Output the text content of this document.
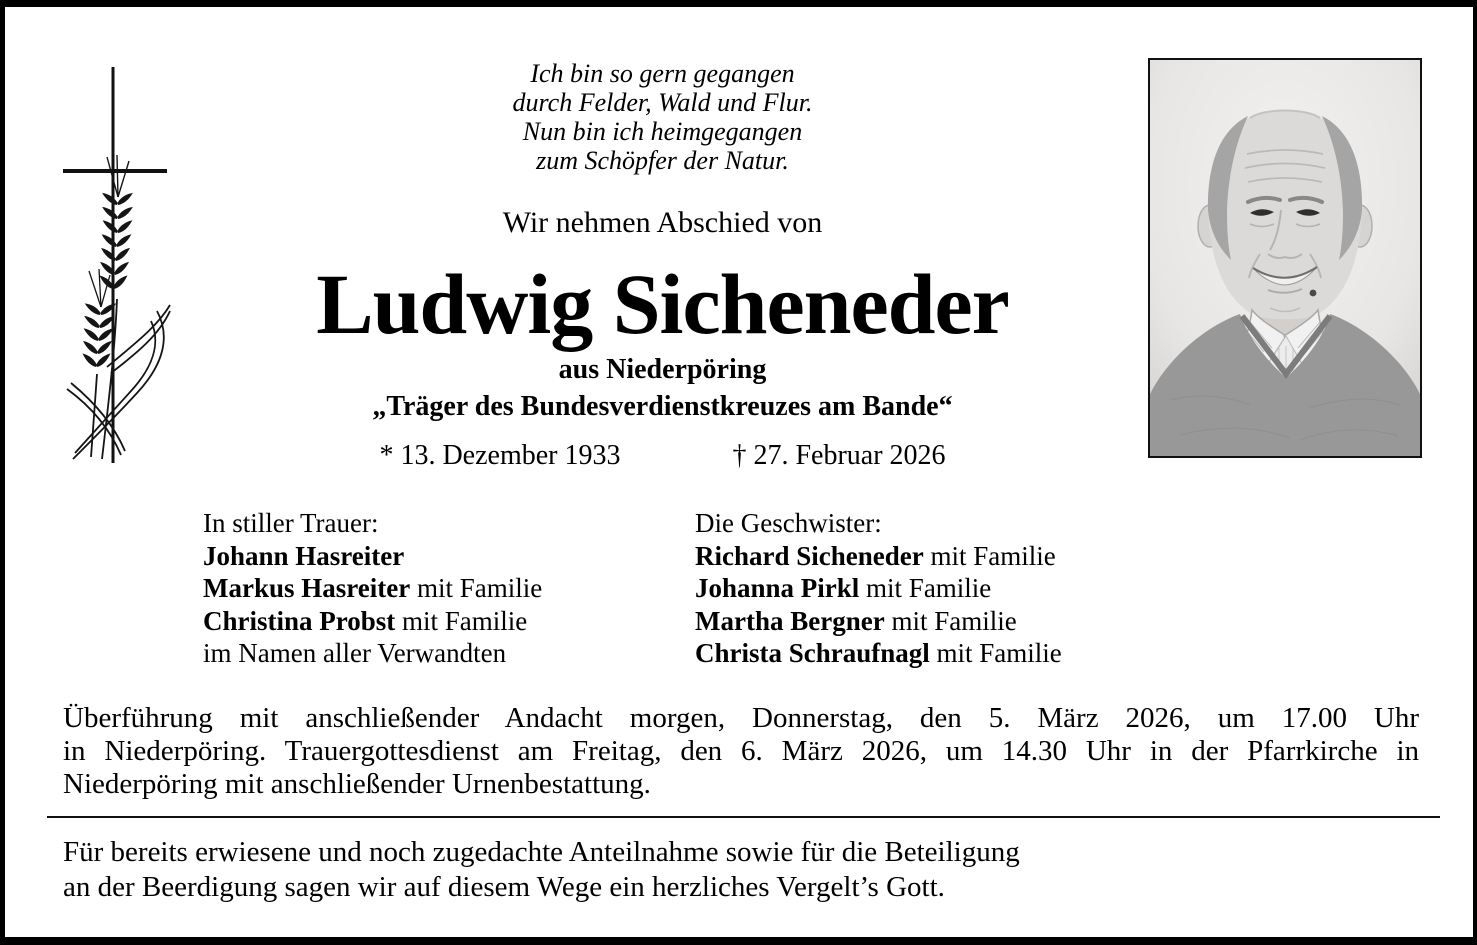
Ich bin so gern gegangen
durch Felder, Wald und Flur.
Nun bin ich heimgegangen
zum Schöpfer der Natur.
Wir nehmen Abschied von
Ludwig Sicheneder
aus Niederpöring
„Träger des Bundesverdienstkreuzes am Bande“
* 13. Dezember 1933	† 27. Februar 2026
In stiller Trauer:
Johann Hasreiter
Markus Hasreiter mit Familie
Christina Probst mit Familie
im Namen aller Verwandten
Die Geschwister:
Richard Sicheneder mit Familie
Johanna Pirkl mit Familie
Martha Bergner mit Familie
Christa Schraufnagl mit Familie
Überführung mit anschließender Andacht morgen, Donnerstag, den 5. März 2026, um 17.00 Uhr
in Niederpöring. Trauergottesdienst am Freitag, den 6. März 2026, um 14.30 Uhr in der Pfarrkirche in
Niederpöring mit anschließender Urnenbestattung.
Für bereits erwiesene und noch zugedachte Anteilnahme sowie für die Beteiligung
an der Beerdigung sagen wir auf diesem Wege ein herzliches Vergelt’s Gott.
